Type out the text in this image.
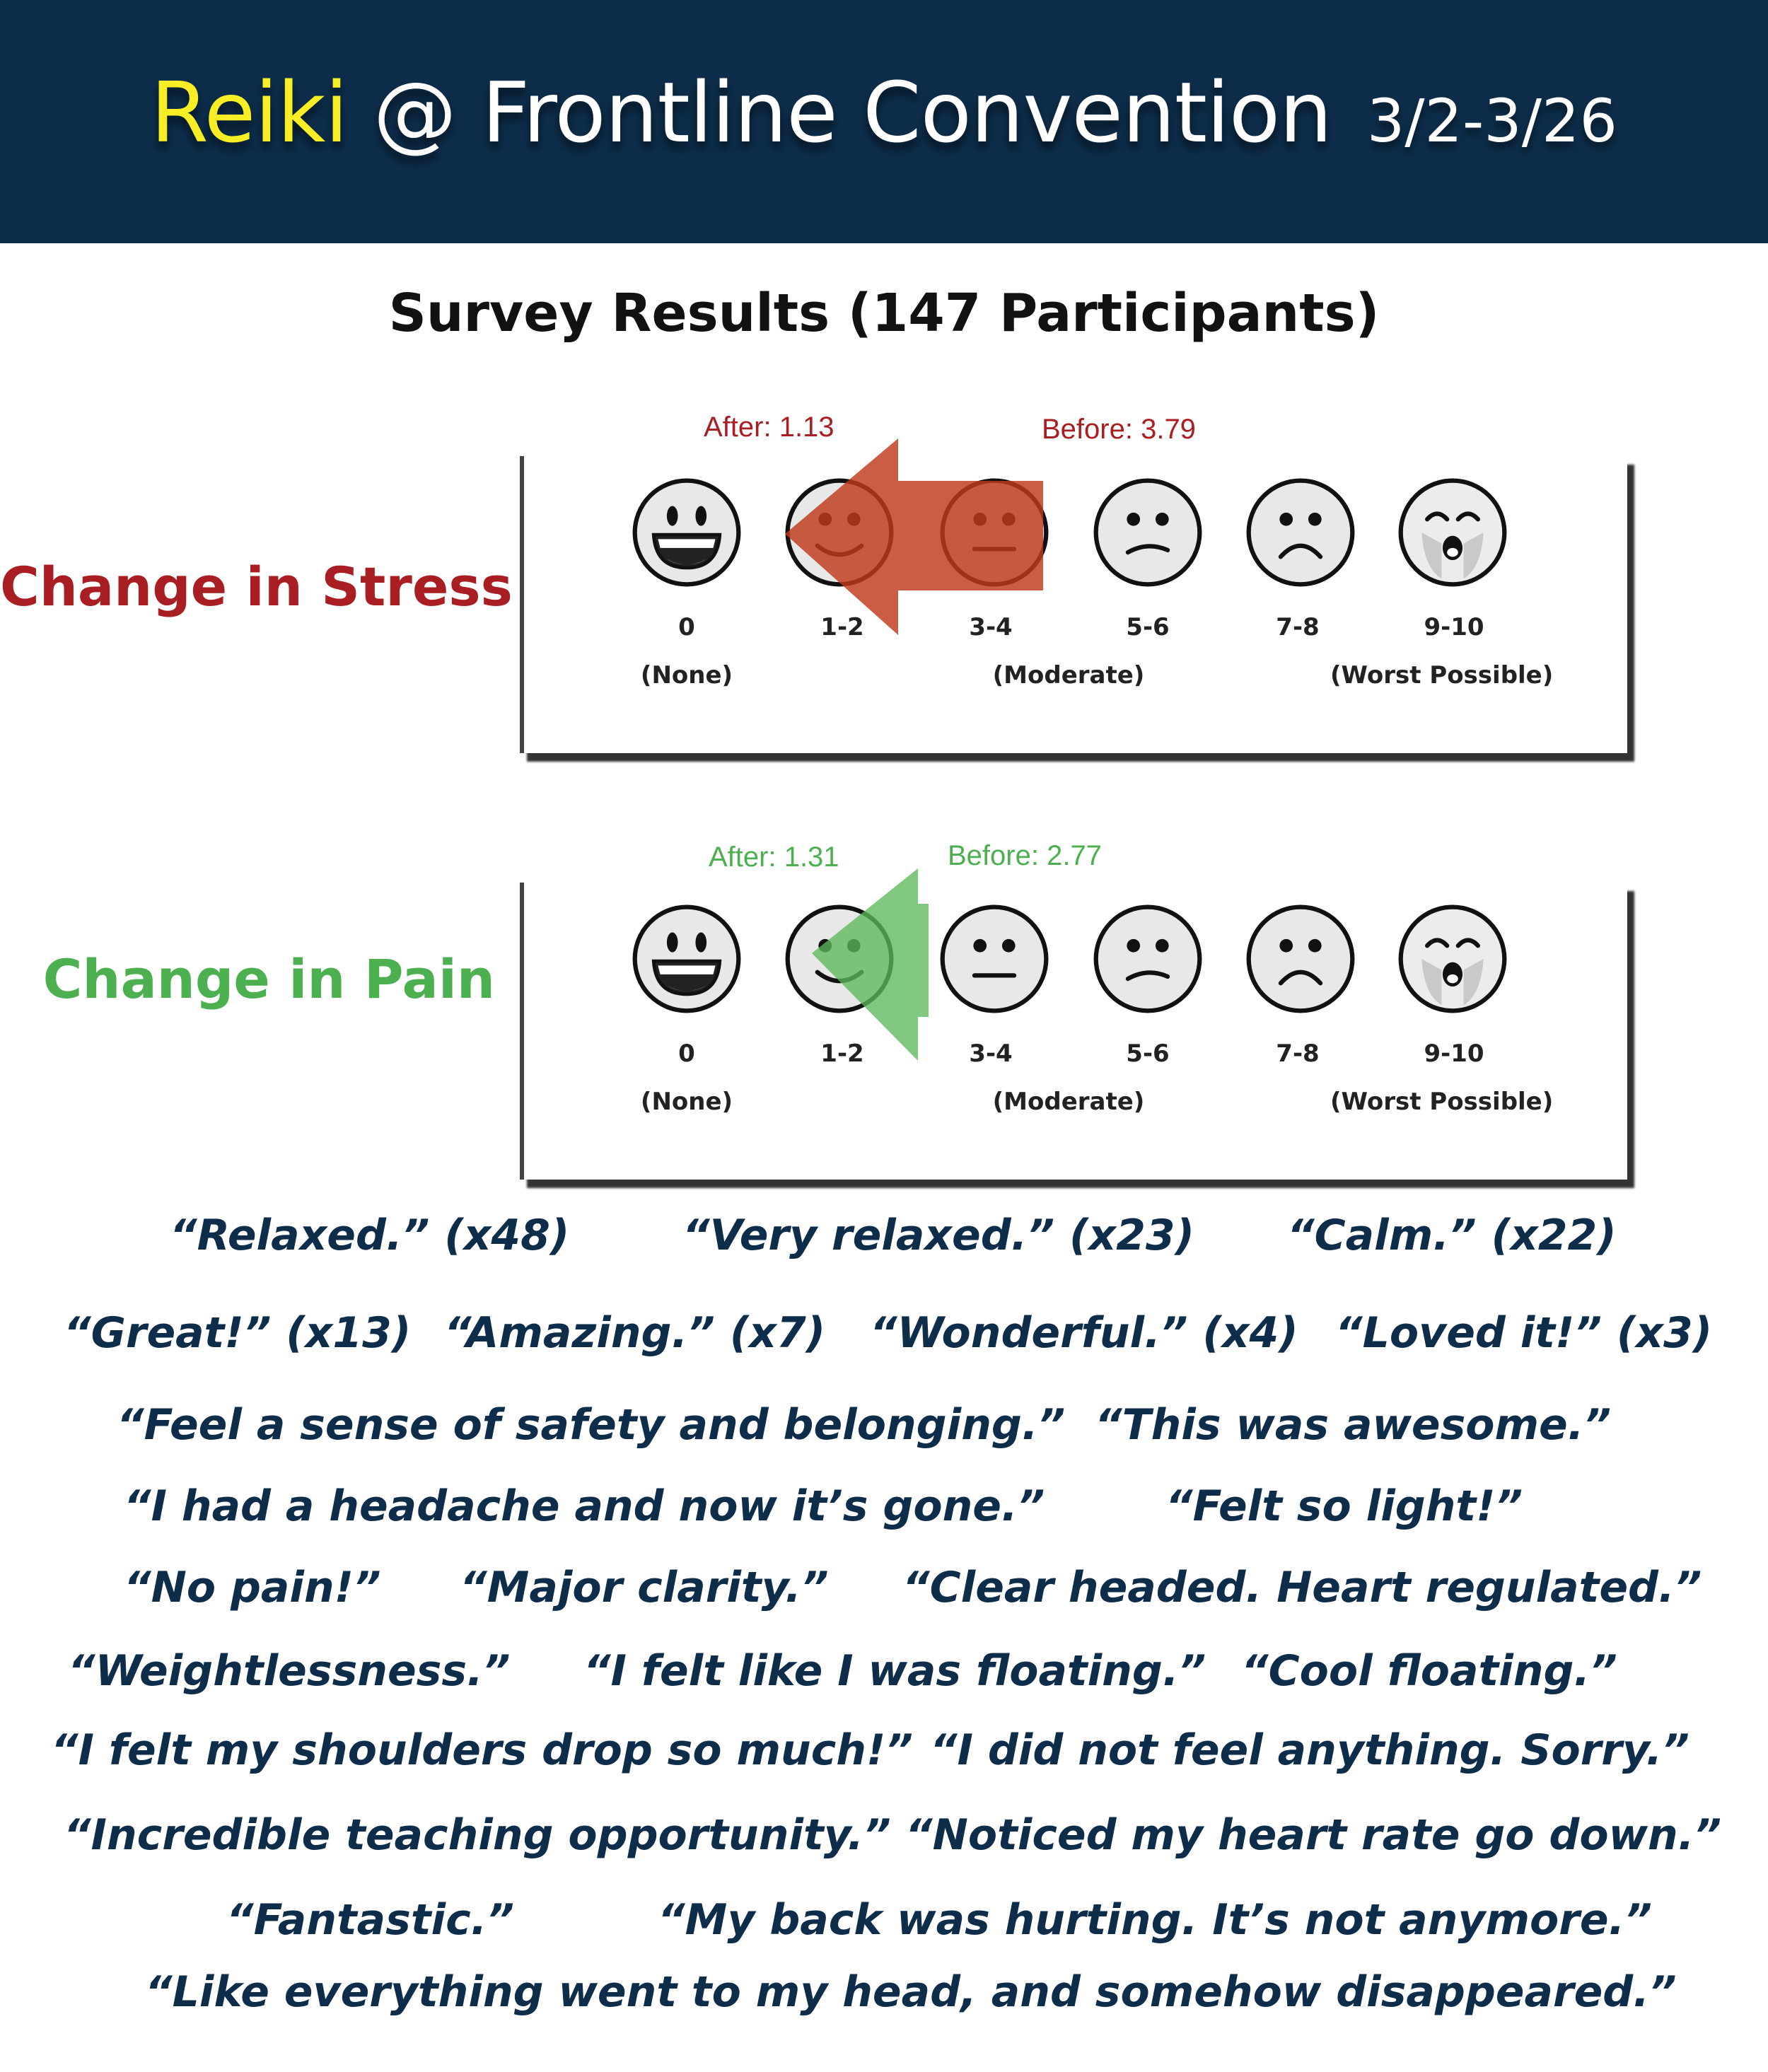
Reiki @ Frontline Convention 3/2-3/26
Survey Results (147 Participants)
Change in Stress
After: 1.13	Before: 3.79
0	1-2	3-4	5-6	7-8	9-10
(None)	(Moderate)	(Worst Possible)
Change in Pain
After: 1.31	Before: 2.77
0	1-2	3-4	5-6	7-8	9-10
(None)	(Moderate)	(Worst Possible)
“Relaxed.” (x48)	“Very relaxed.” (x23) “Calm.” (x22)
“Great!” (x13) “Amazing.” (x7) “Wonderful.” (x4) “Loved it!” (x3)
“Feel a sense of safety and belonging.” “This was awesome.”
“I had a headache and now it’s gone.”	“Felt so light!”
“No pain!” “Major clarity.” “Clear headed. Heart regulated.”
“Weightlessness.” “I felt like I was floating.” “Cool floating.”
“I felt my shoulders drop so much!” “I did not feel anything. Sorry.”
“Incredible teaching opportunity.” “Noticed my heart rate go down.”
“Fantastic.”	“My back was hurting. It’s not anymore.”
“Like everything went to my head, and somehow disappeared.”
